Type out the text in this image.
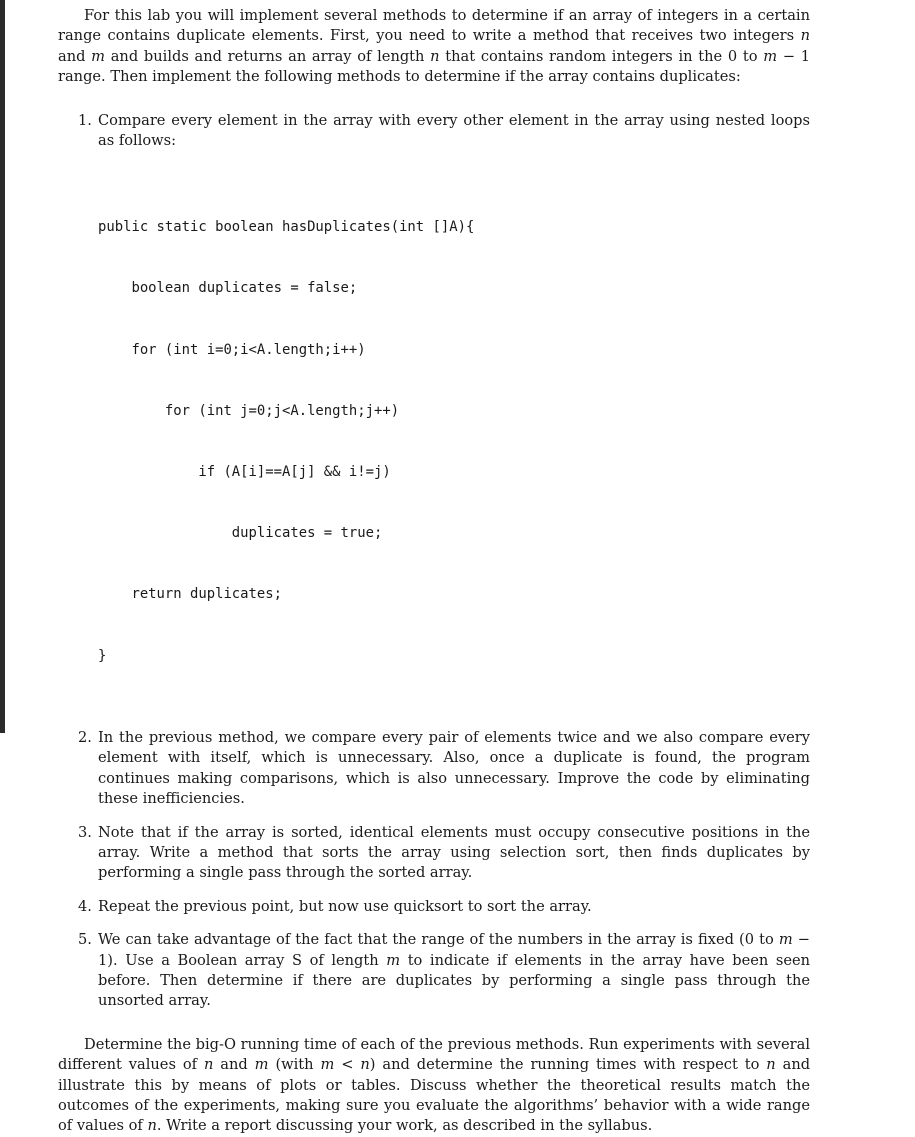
For this lab you will implement several methods to determine if an array of integers in a certain range contains duplicate elements. First, you need to write a method that receives two integers n and m and builds and returns an array of length n that contains random integers in the 0 to m − 1 range. Then implement the following methods to determine if the array contains duplicates:
1. Compare every element in the array with every other element in the array using nested loops as follows:

public static boolean hasDuplicates(int []A){

boolean duplicates = false;

for (int i=0;i<A.length;i++)

for (int j=0;j<A.length;j++)

if (A[i]==A[j] && i!=j)

duplicates = true;

return duplicates;

}

2. In the previous method, we compare every pair of elements twice and we also compare every element with itself, which is unnecessary. Also, once a duplicate is found, the program continues making comparisons, which is also unnecessary. Improve the code by eliminating these inefficiencies.
3. Note that if the array is sorted, identical elements must occupy consecutive positions in the array. Write a method that sorts the array using selection sort, then finds duplicates by performing a single pass through the sorted array.
4. Repeat the previous point, but now use quicksort to sort the array.
5. We can take advantage of the fact that the range of the numbers in the array is fixed (0 to m − 1). Use a Boolean array S of length m to indicate if elements in the array have been seen before. Then determine if there are duplicates by performing a single pass through the unsorted array.
Determine the big-O running time of each of the previous methods. Run experiments with several different values of n and m (with m < n) and determine the running times with respect to n and illustrate this by means of plots or tables. Discuss whether the theoretical results match the outcomes of the experiments, making sure you evaluate the algorithms’ behavior with a wide range of values of n. Write a report discussing your work, as described in the syllabus.
